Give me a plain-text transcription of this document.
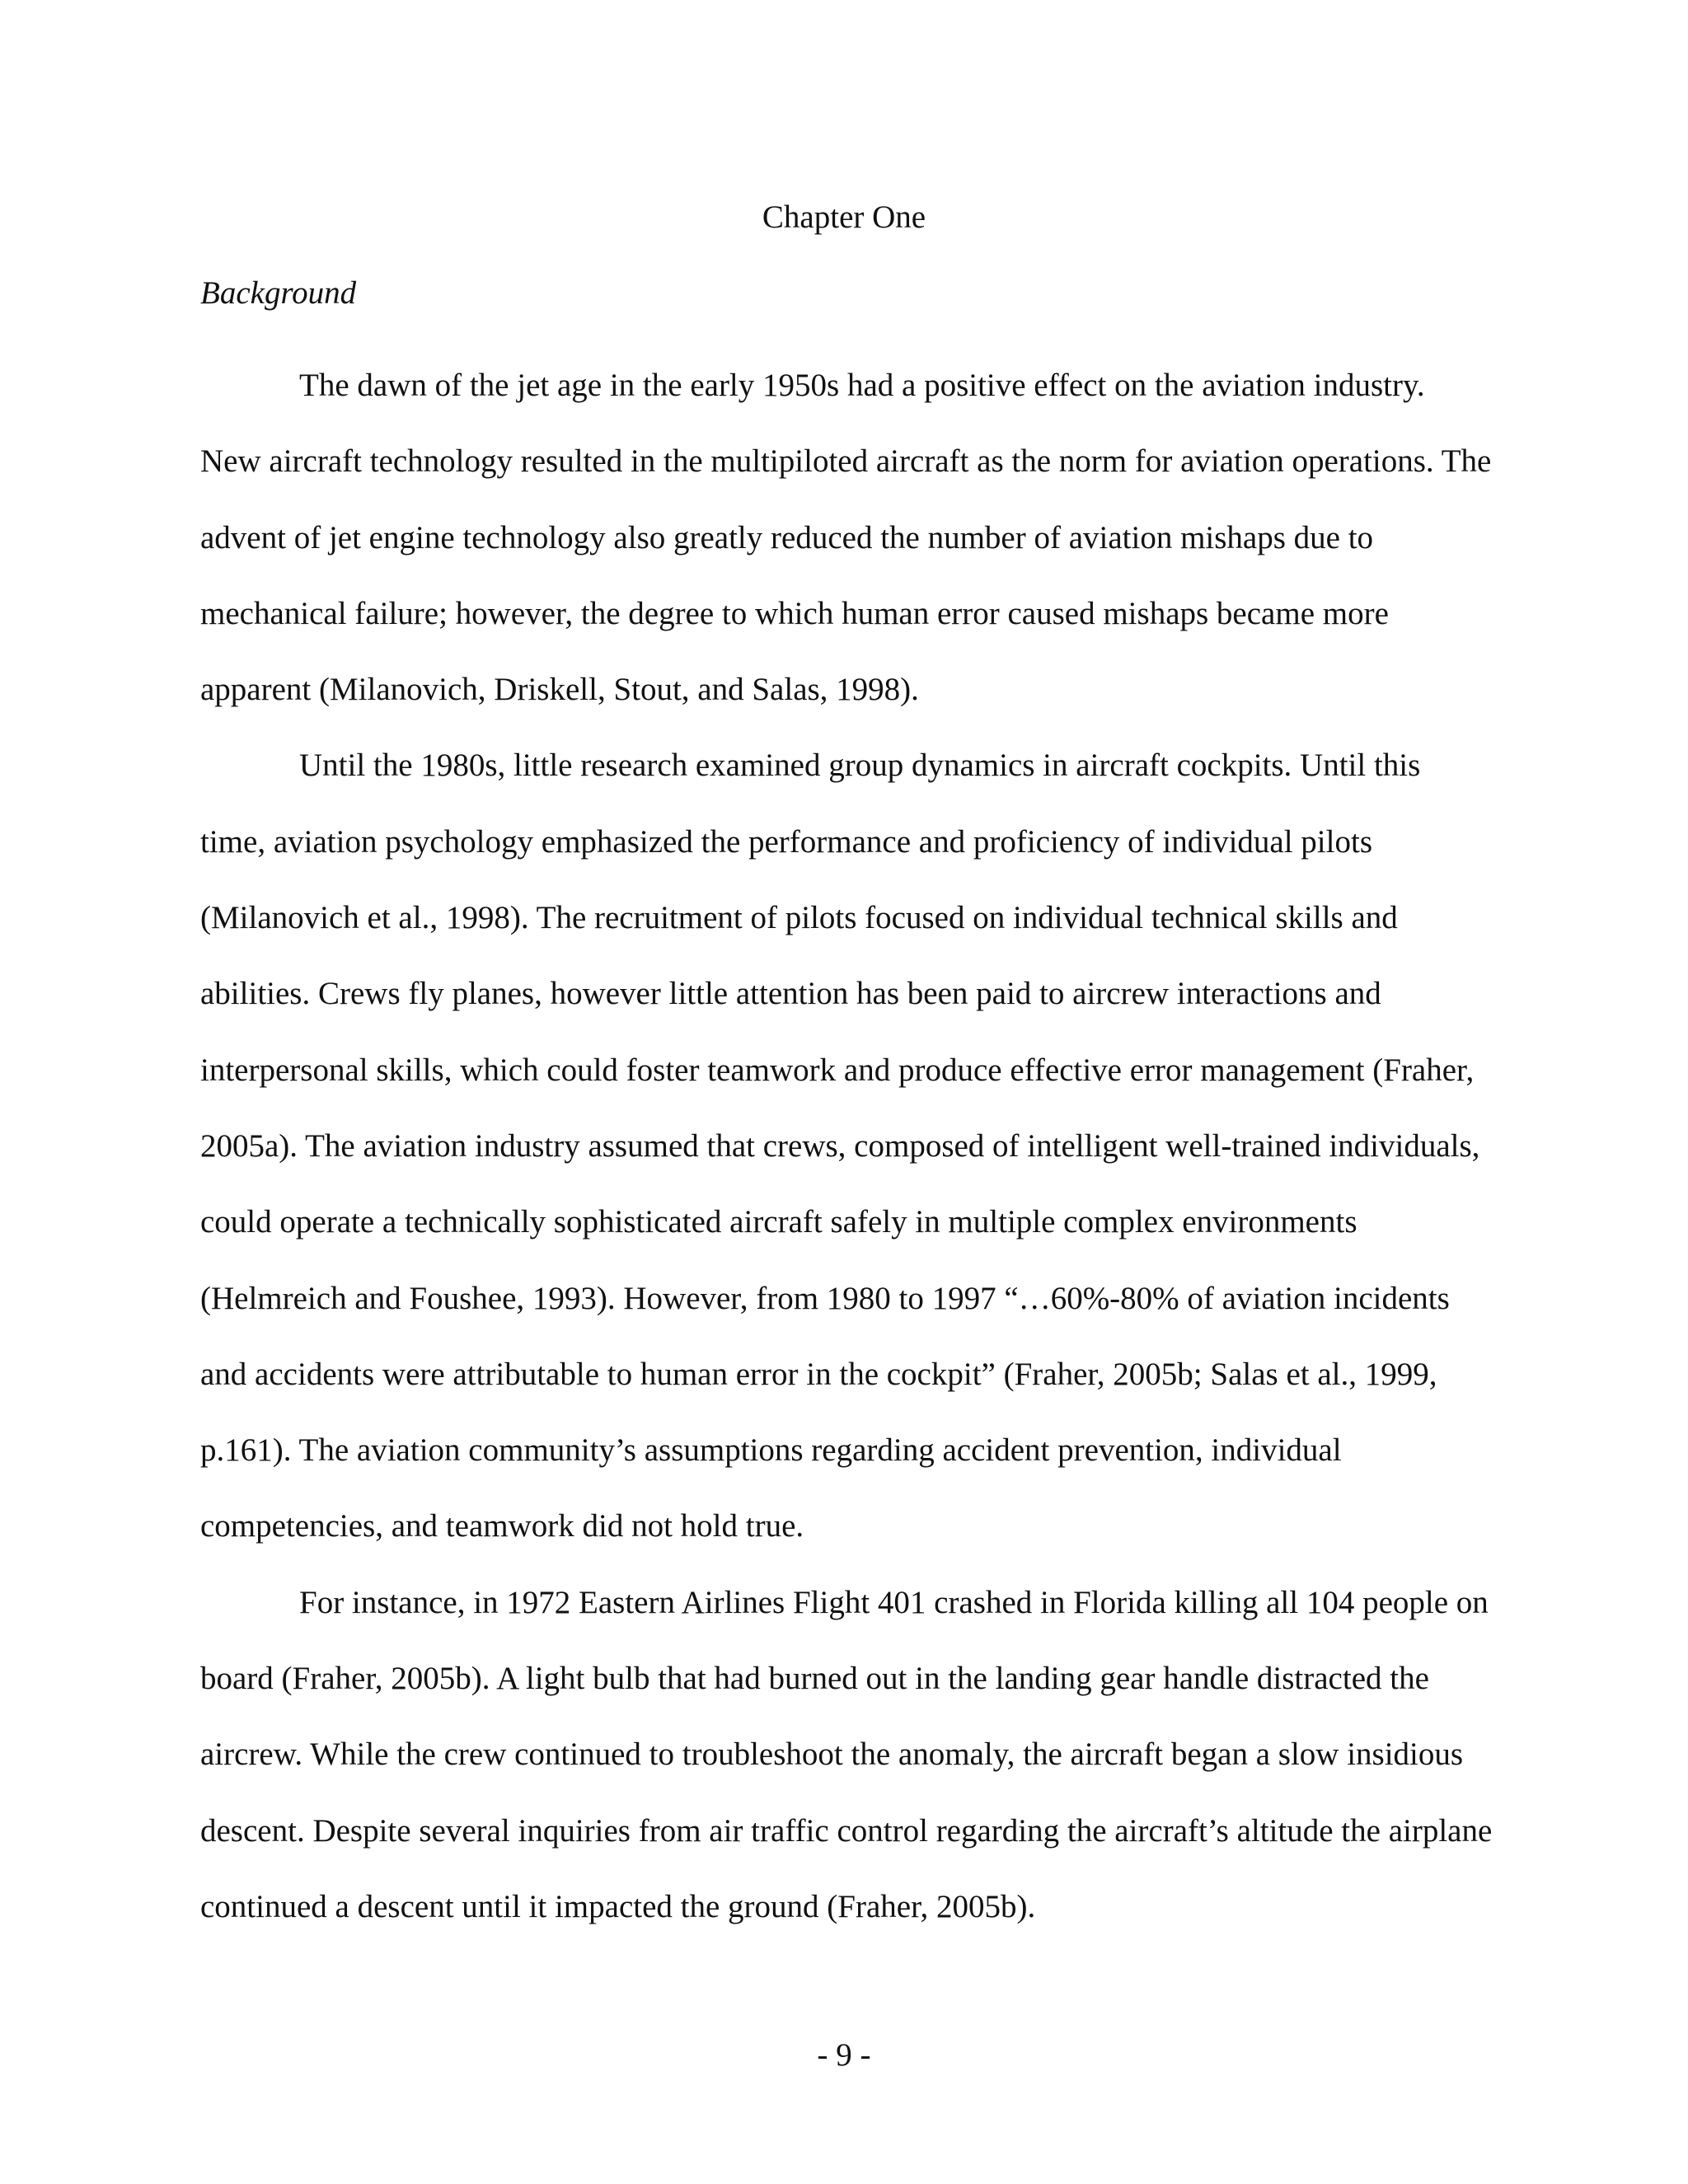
Chapter One
Background

The dawn of the jet age in the early 1950s had a positive effect on the aviation industry. New aircraft technology resulted in the multipiloted aircraft as the norm for aviation operations. The advent of jet engine technology also greatly reduced the number of aviation mishaps due to mechanical failure; however, the degree to which human error caused mishaps became more apparent (Milanovich, Driskell, Stout, and Salas, 1998).

Until the 1980s, little research examined group dynamics in aircraft cockpits. Until this time, aviation psychology emphasized the performance and proficiency of individual pilots (Milanovich et al., 1998). The recruitment of pilots focused on individual technical skills and abilities. Crews fly planes, however little attention has been paid to aircrew interactions and interpersonal skills, which could foster teamwork and produce effective error management (Fraher, 2005a). The aviation industry assumed that crews, composed of intelligent well-trained individuals, could operate a technically sophisticated aircraft safely in multiple complex environments (Helmreich and Foushee, 1993). However, from 1980 to 1997 “…60%-80% of aviation incidents and accidents were attributable to human error in the cockpit” (Fraher, 2005b; Salas et al., 1999, p.161). The aviation community’s assumptions regarding accident prevention, individual competencies, and teamwork did not hold true.

For instance, in 1972 Eastern Airlines Flight 401 crashed in Florida killing all 104 people on board (Fraher, 2005b). A light bulb that had burned out in the landing gear handle distracted the aircrew. While the crew continued to troubleshoot the anomaly, the aircraft began a slow insidious descent. Despite several inquiries from air traffic control regarding the aircraft’s altitude the airplane continued a descent until it impacted the ground (Fraher, 2005b).

- 9 -
